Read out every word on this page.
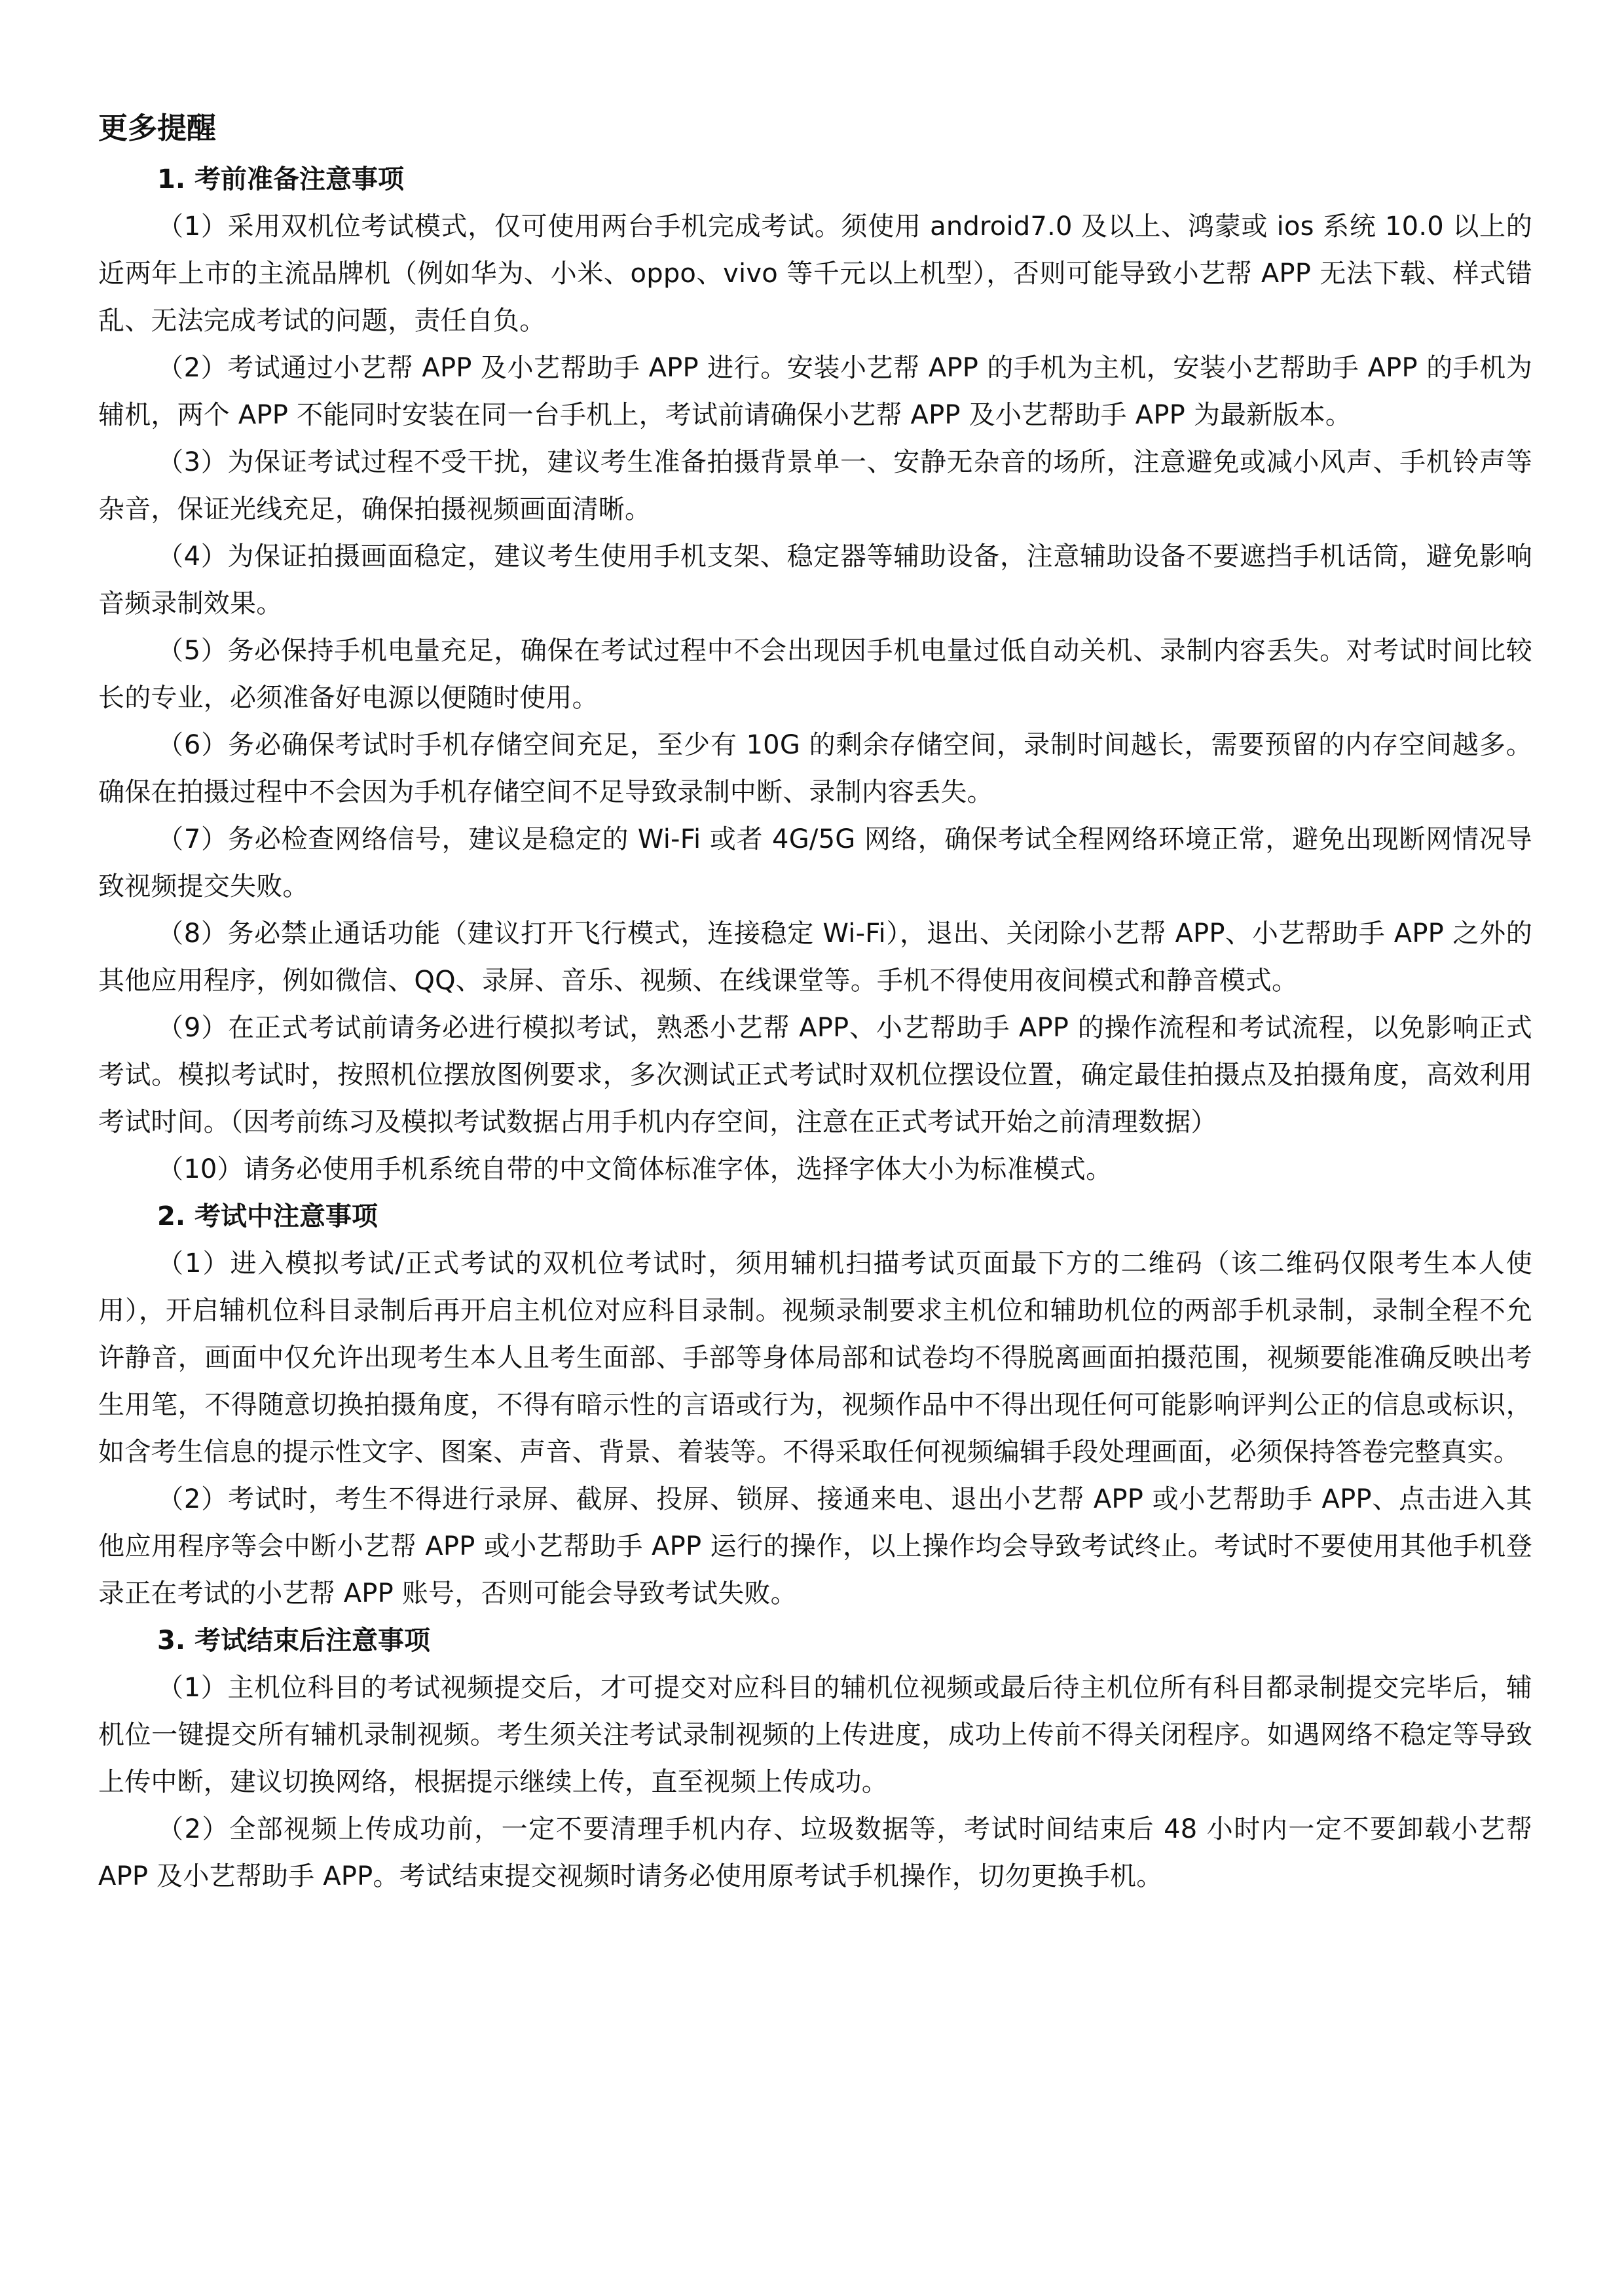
更多提醒
1. 考前准备注意事项

（1）采用双机位考试模式，仅可使用两台手机完成考试。须使用 android7.0 及以上、鸿蒙或 ios 系统 10.0 以上的近两年上市的主流品牌机（例如华为、小米、oppo、vivo 等千元以上机型），否则可能导致小艺帮 APP 无法下载、样式错乱、无法完成考试的问题，责任自负。

（2）考试通过小艺帮 APP 及小艺帮助手 APP 进行。安装小艺帮 APP 的手机为主机，安装小艺帮助手 APP 的手机为辅机，两个 APP 不能同时安装在同一台手机上，考试前请确保小艺帮 APP 及小艺帮助手 APP 为最新版本。

（3）为保证考试过程不受干扰，建议考生准备拍摄背景单一、安静无杂音的场所，注意避免或减小风声、手机铃声等杂音，保证光线充足，确保拍摄视频画面清晰。

（4）为保证拍摄画面稳定，建议考生使用手机支架、稳定器等辅助设备，注意辅助设备不要遮挡手机话筒，避免影响音频录制效果。

（5）务必保持手机电量充足，确保在考试过程中不会出现因手机电量过低自动关机、录制内容丢失。对考试时间比较长的专业，必须准备好电源以便随时使用。

（6）务必确保考试时手机存储空间充足，至少有 10G 的剩余存储空间，录制时间越长，需要预留的内存空间越多。确保在拍摄过程中不会因为手机存储空间不足导致录制中断、录制内容丢失。

（7）务必检查网络信号，建议是稳定的 Wi-Fi 或者 4G/5G 网络，确保考试全程网络环境正常，避免出现断网情况导致视频提交失败。

（8）务必禁止通话功能（建议打开飞行模式，连接稳定 Wi-Fi），退出、关闭除小艺帮 APP、小艺帮助手 APP 之外的其他应用程序，例如微信、QQ、录屏、音乐、视频、在线课堂等。手机不得使用夜间模式和静音模式。

（9）在正式考试前请务必进行模拟考试，熟悉小艺帮 APP、小艺帮助手 APP 的操作流程和考试流程，以免影响正式考试。模拟考试时，按照机位摆放图例要求，多次测试正式考试时双机位摆设位置，确定最佳拍摄点及拍摄角度，高效利用考试时间。（因考前练习及模拟考试数据占用手机内存空间，注意在正式考试开始之前清理数据）

（10）请务必使用手机系统自带的中文简体标准字体，选择字体大小为标准模式。

2. 考试中注意事项

（1）进入模拟考试/正式考试的双机位考试时，须用辅机扫描考试页面最下方的二维码（该二维码仅限考生本人使用），开启辅机位科目录制后再开启主机位对应科目录制。视频录制要求主机位和辅助机位的两部手机录制，录制全程不允许静音，画面中仅允许出现考生本人且考生面部、手部等身体局部和试卷均不得脱离画面拍摄范围，视频要能准确反映出考生用笔，不得随意切换拍摄角度，不得有暗示性的言语或行为，视频作品中不得出现任何可能影响评判公正的信息或标识，如含考生信息的提示性文字、图案、声音、背景、着装等。不得采取任何视频编辑手段处理画面，必须保持答卷完整真实。

（2）考试时，考生不得进行录屏、截屏、投屏、锁屏、接通来电、退出小艺帮 APP 或小艺帮助手 APP、点击进入其他应用程序等会中断小艺帮 APP 或小艺帮助手 APP 运行的操作，以上操作均会导致考试终止。考试时不要使用其他手机登录正在考试的小艺帮 APP 账号，否则可能会导致考试失败。

3. 考试结束后注意事项

（1）主机位科目的考试视频提交后，才可提交对应科目的辅机位视频或最后待主机位所有科目都录制提交完毕后，辅机位一键提交所有辅机录制视频。考生须关注考试录制视频的上传进度，成功上传前不得关闭程序。如遇网络不稳定等导致上传中断，建议切换网络，根据提示继续上传，直至视频上传成功。

（2）全部视频上传成功前，一定不要清理手机内存、垃圾数据等，考试时间结束后 48 小时内一定不要卸载小艺帮 APP 及小艺帮助手 APP。考试结束提交视频时请务必使用原考试手机操作，切勿更换手机。
